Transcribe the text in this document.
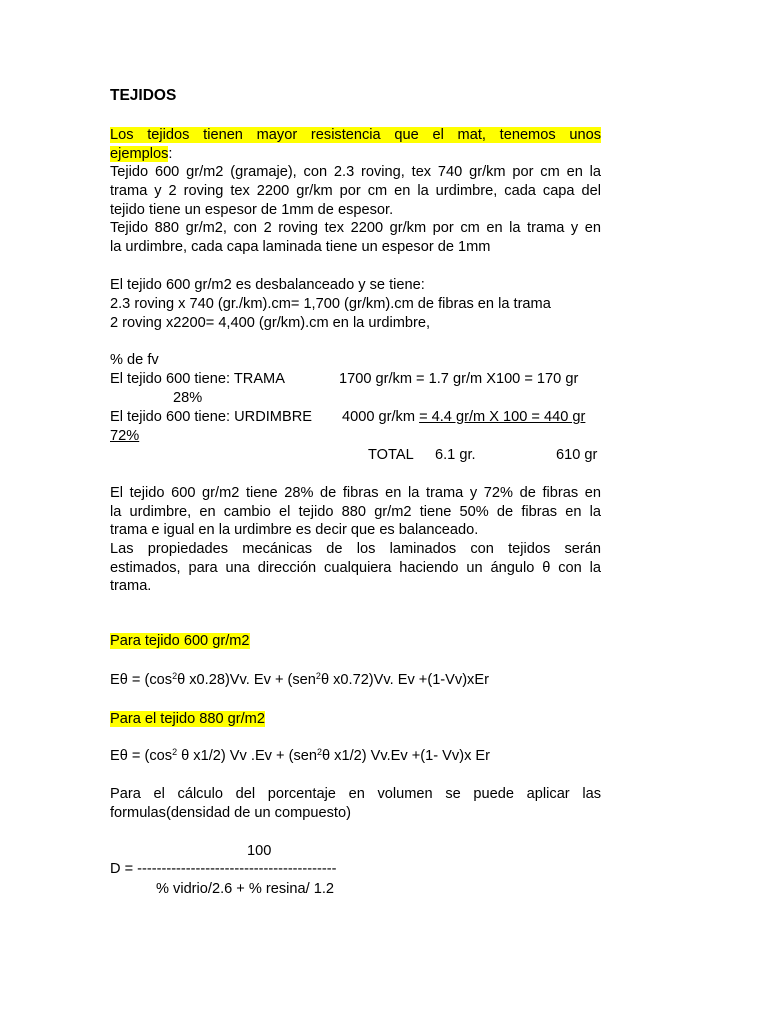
TEJIDOS
Los tejidos tienen mayor resistencia que el mat, tenemos unos
ejemplos:
Tejido 600 gr/m2 (gramaje), con 2.3 roving, tex 740 gr/km por cm en la
trama y 2 roving tex 2200 gr/km por cm en la urdimbre, cada capa del
tejido tiene un espesor de 1mm de espesor.
Tejido 880 gr/m2, con 2 roving tex 2200 gr/km por cm en la trama y en
la urdimbre, cada capa laminada tiene un espesor de 1mm
El tejido 600 gr/m2 es desbalanceado y se tiene:
2.3 roving x 740 (gr./km).cm= 1,700 (gr/km).cm de fibras en la trama
2 roving x2200= 4,400 (gr/km).cm en la urdimbre,
% de fv
El tejido 600 tiene: TRAMA	1700 gr/km = 1.7 gr/m X100 = 170 gr
28%
El tejido 600 tiene: URDIMBRE 4000 gr/km = 4.4 gr/m X 100 = 440 gr
72%
TOTAL 6.1 gr.	610 gr
El tejido 600 gr/m2 tiene 28% de fibras en la trama y 72% de fibras en
la urdimbre, en cambio el tejido 880 gr/m2 tiene 50% de fibras en la
trama e igual en la urdimbre es decir que es balanceado.
Las propiedades mecánicas de los laminados con tejidos serán
estimados, para una dirección cualquiera haciendo un ángulo θ con la
trama.
Para tejido 600 gr/m2
$E\theta = (\cos^2\theta$ x0.28)Vv. Ev + (sen$^2$θ x0.72)Vv. Ev +(1-Vv)xEr
Para el tejido 880 gr/m2
$E\theta = (\cos^2$ θ x1/2) Vv .Ev + (sen$^2$θ x1/2) Vv.Ev +(1- Vv)x Er
Para el cálculo del porcentaje en volumen se puede aplicar las
formulas(densidad de un compuesto)
100
D = -----------------------------------------
% vidrio/2.6 + % resina/ 1.2
